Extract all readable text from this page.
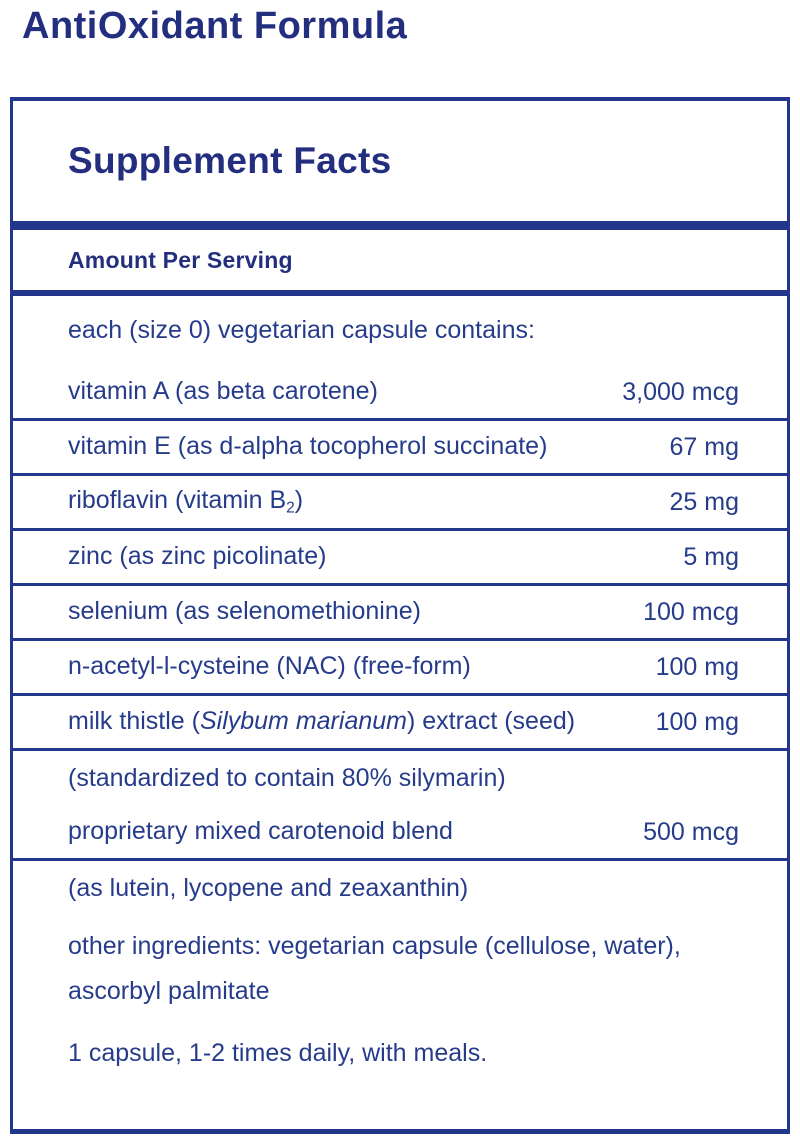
AntiOxidant Formula
Supplement Facts
Amount Per Serving
each (size 0) vegetarian capsule contains:
vitamin A (as beta carotene)	3,000 mcg
vitamin E (as d-alpha tocopherol succinate)	67 mg
riboflavin (vitamin $B_2$)	25 mg
zinc (as zinc picolinate)	5 mg
selenium (as selenomethionine)	100 mcg
n-acetyl-l-cysteine (NAC) (free-form)	100 mg
milk thistle (Silybum marianum) extract (seed)	100 mg
(standardized to contain 80% silymarin)
proprietary mixed carotenoid blend	500 mcg
(as lutein, lycopene and zeaxanthin)
other ingredients: vegetarian capsule (cellulose, water), ascorbyl palmitate
1 capsule, 1-2 times daily, with meals.
